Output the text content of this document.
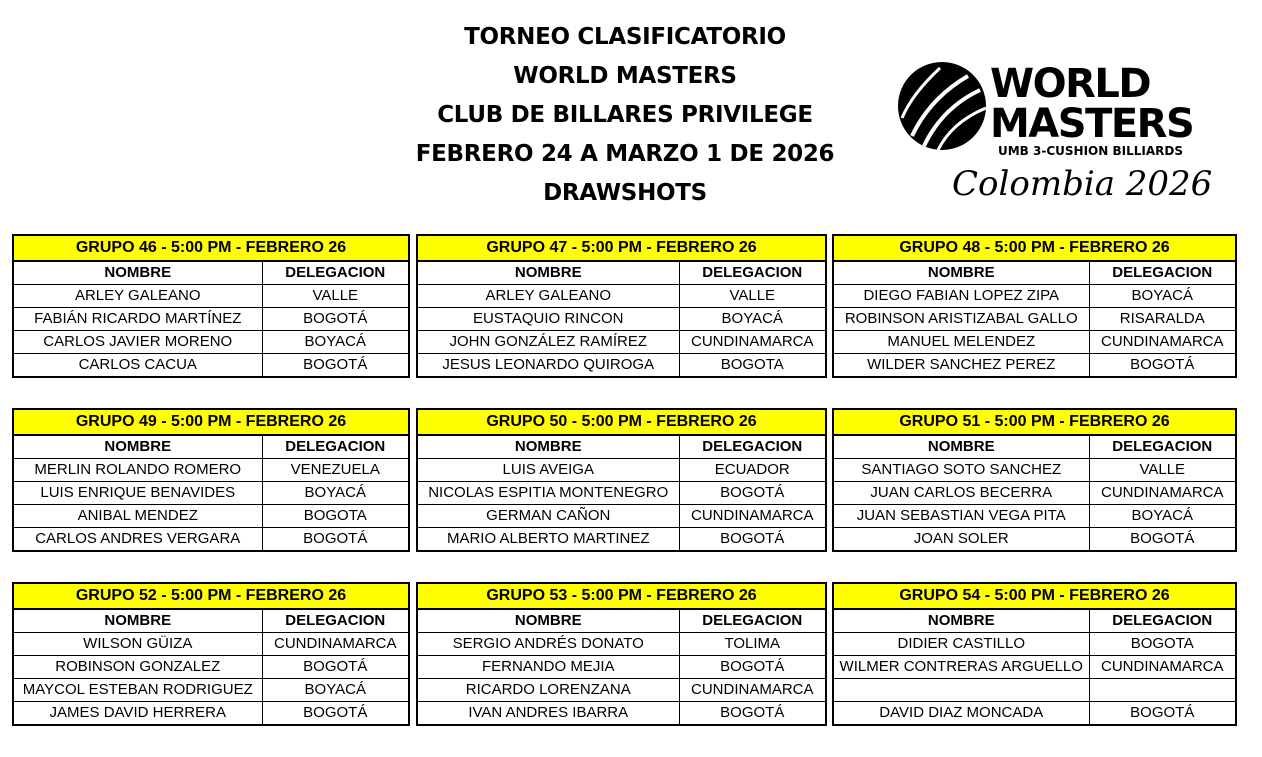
TORNEO CLASIFICATORIO
WORLD MASTERS
CLUB DE BILLARES PRIVILEGE
FEBRERO 24 A MARZO 1 DE 2026
DRAWSHOTS
WORLD
MASTERS
UMB 3-CUSHION BILLIARDS
Colombia 2026
GRUPO 46 - 5:00 PM - FEBRERO 26	
NOMBRE	DELEGACION
ARLEY GALEANO	VALLE
FABIÁN RICARDO MARTÍNEZ	BOGOTÁ
CARLOS JAVIER MORENO	BOYACÁ
CARLOS CACUA	BOGOTÁ
GRUPO 47 - 5:00 PM - FEBRERO 26	
NOMBRE	DELEGACION
ARLEY GALEANO	VALLE
EUSTAQUIO RINCON	BOYACÁ
JOHN GONZÁLEZ RAMÍREZ	CUNDINAMARCA
JESUS LEONARDO QUIROGA	BOGOTA
GRUPO 48 - 5:00 PM - FEBRERO 26	
NOMBRE	DELEGACION
DIEGO FABIAN LOPEZ ZIPA	BOYACÁ
ROBINSON ARISTIZABAL GALLO	RISARALDA
MANUEL MELENDEZ	CUNDINAMARCA
WILDER SANCHEZ PEREZ	BOGOTÁ
GRUPO 49 - 5:00 PM - FEBRERO 26	
NOMBRE	DELEGACION
MERLIN ROLANDO ROMERO	VENEZUELA
LUIS ENRIQUE BENAVIDES	BOYACÁ
ANIBAL MENDEZ	BOGOTA
CARLOS ANDRES VERGARA	BOGOTÁ
GRUPO 50 - 5:00 PM - FEBRERO 26	
NOMBRE	DELEGACION
LUIS AVEIGA	ECUADOR
NICOLAS ESPITIA MONTENEGRO	BOGOTÁ
GERMAN CAÑON	CUNDINAMARCA
MARIO ALBERTO MARTINEZ	BOGOTÁ
GRUPO 51 - 5:00 PM - FEBRERO 26	
NOMBRE	DELEGACION
SANTIAGO SOTO SANCHEZ	VALLE
JUAN CARLOS BECERRA	CUNDINAMARCA
JUAN SEBASTIAN VEGA PITA	BOYACÁ
JOAN SOLER	BOGOTÁ
GRUPO 52 - 5:00 PM - FEBRERO 26	
NOMBRE	DELEGACION
WILSON GÜIZA	CUNDINAMARCA
ROBINSON GONZALEZ	BOGOTÁ
MAYCOL ESTEBAN RODRIGUEZ	BOYACÁ
JAMES DAVID HERRERA	BOGOTÁ
GRUPO 53 - 5:00 PM - FEBRERO 26	
NOMBRE	DELEGACION
SERGIO ANDRÉS DONATO	TOLIMA
FERNANDO MEJIA	BOGOTÁ
RICARDO LORENZANA	CUNDINAMARCA
IVAN ANDRES IBARRA	BOGOTÁ
GRUPO 54 - 5:00 PM - FEBRERO 26	
NOMBRE	DELEGACION
DIDIER CASTILLO	BOGOTA
WILMER CONTRERAS ARGUELLO	CUNDINAMARCA

DAVID DIAZ MONCADA	BOGOTÁ
